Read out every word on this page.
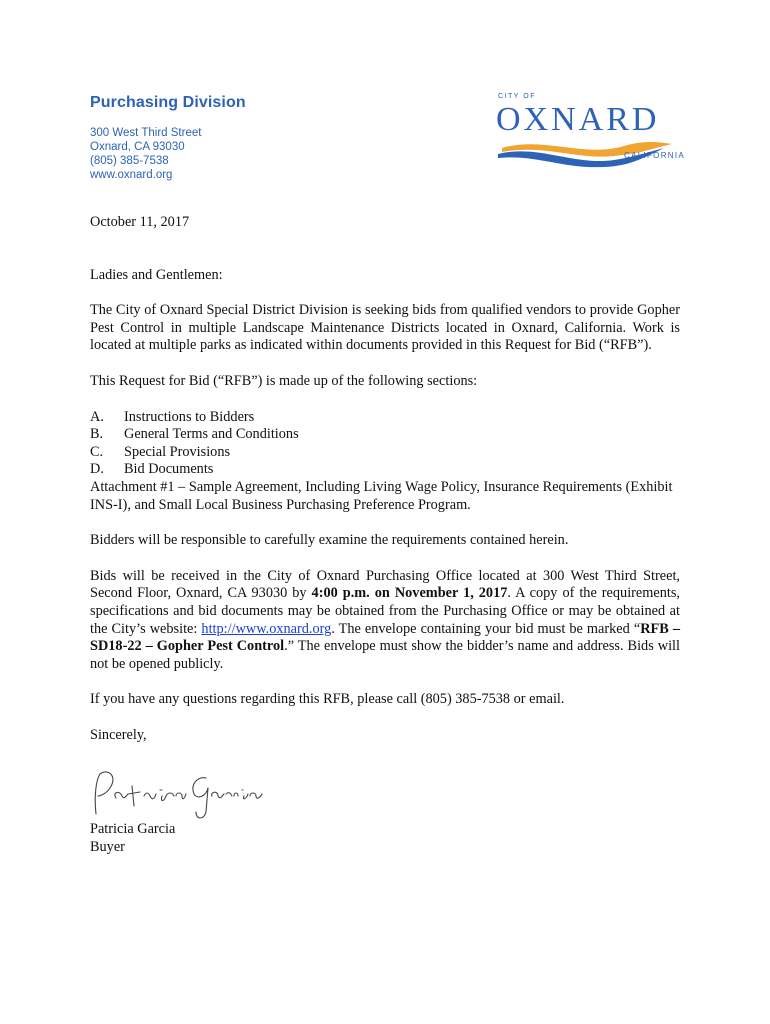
Purchasing Division
300 West Third Street
Oxnard, CA 93030
(805) 385-7538
www.oxnard.org
CITY OF
OXNARD
CALIFORNIA

October 11, 2017

Ladies and Gentlemen:

The City of Oxnard Special District Division is seeking bids from qualified vendors to provide Gopher Pest Control in multiple Landscape Maintenance Districts located in Oxnard, California. Work is located at multiple parks as indicated within documents provided in this Request for Bid (“RFB”).

This Request for Bid (“RFB”) is made up of the following sections:

A.	Instructions to Bidders
B.	General Terms and Conditions
C.	Special Provisions
D.	Bid Documents

Attachment #1 – Sample Agreement, Including Living Wage Policy, Insurance Requirements (Exhibit INS-I), and Small Local Business Purchasing Preference Program.

Bidders will be responsible to carefully examine the requirements contained herein.

Bids will be received in the City of Oxnard Purchasing Office located at 300 West Third Street, Second Floor, Oxnard, CA 93030 by 4:00 p.m. on November 1, 2017. A copy of the requirements, specifications and bid documents may be obtained from the Purchasing Office or may be obtained at the City’s website: http://www.oxnard.org. The envelope containing your bid must be marked “RFB – SD18-22 – Gopher Pest Control.” The envelope must show the bidder’s name and address. Bids will not be opened publicly.

If you have any questions regarding this RFB, please call (805) 385-7538 or email.

Sincerely,

Patricia Garcia

Buyer
